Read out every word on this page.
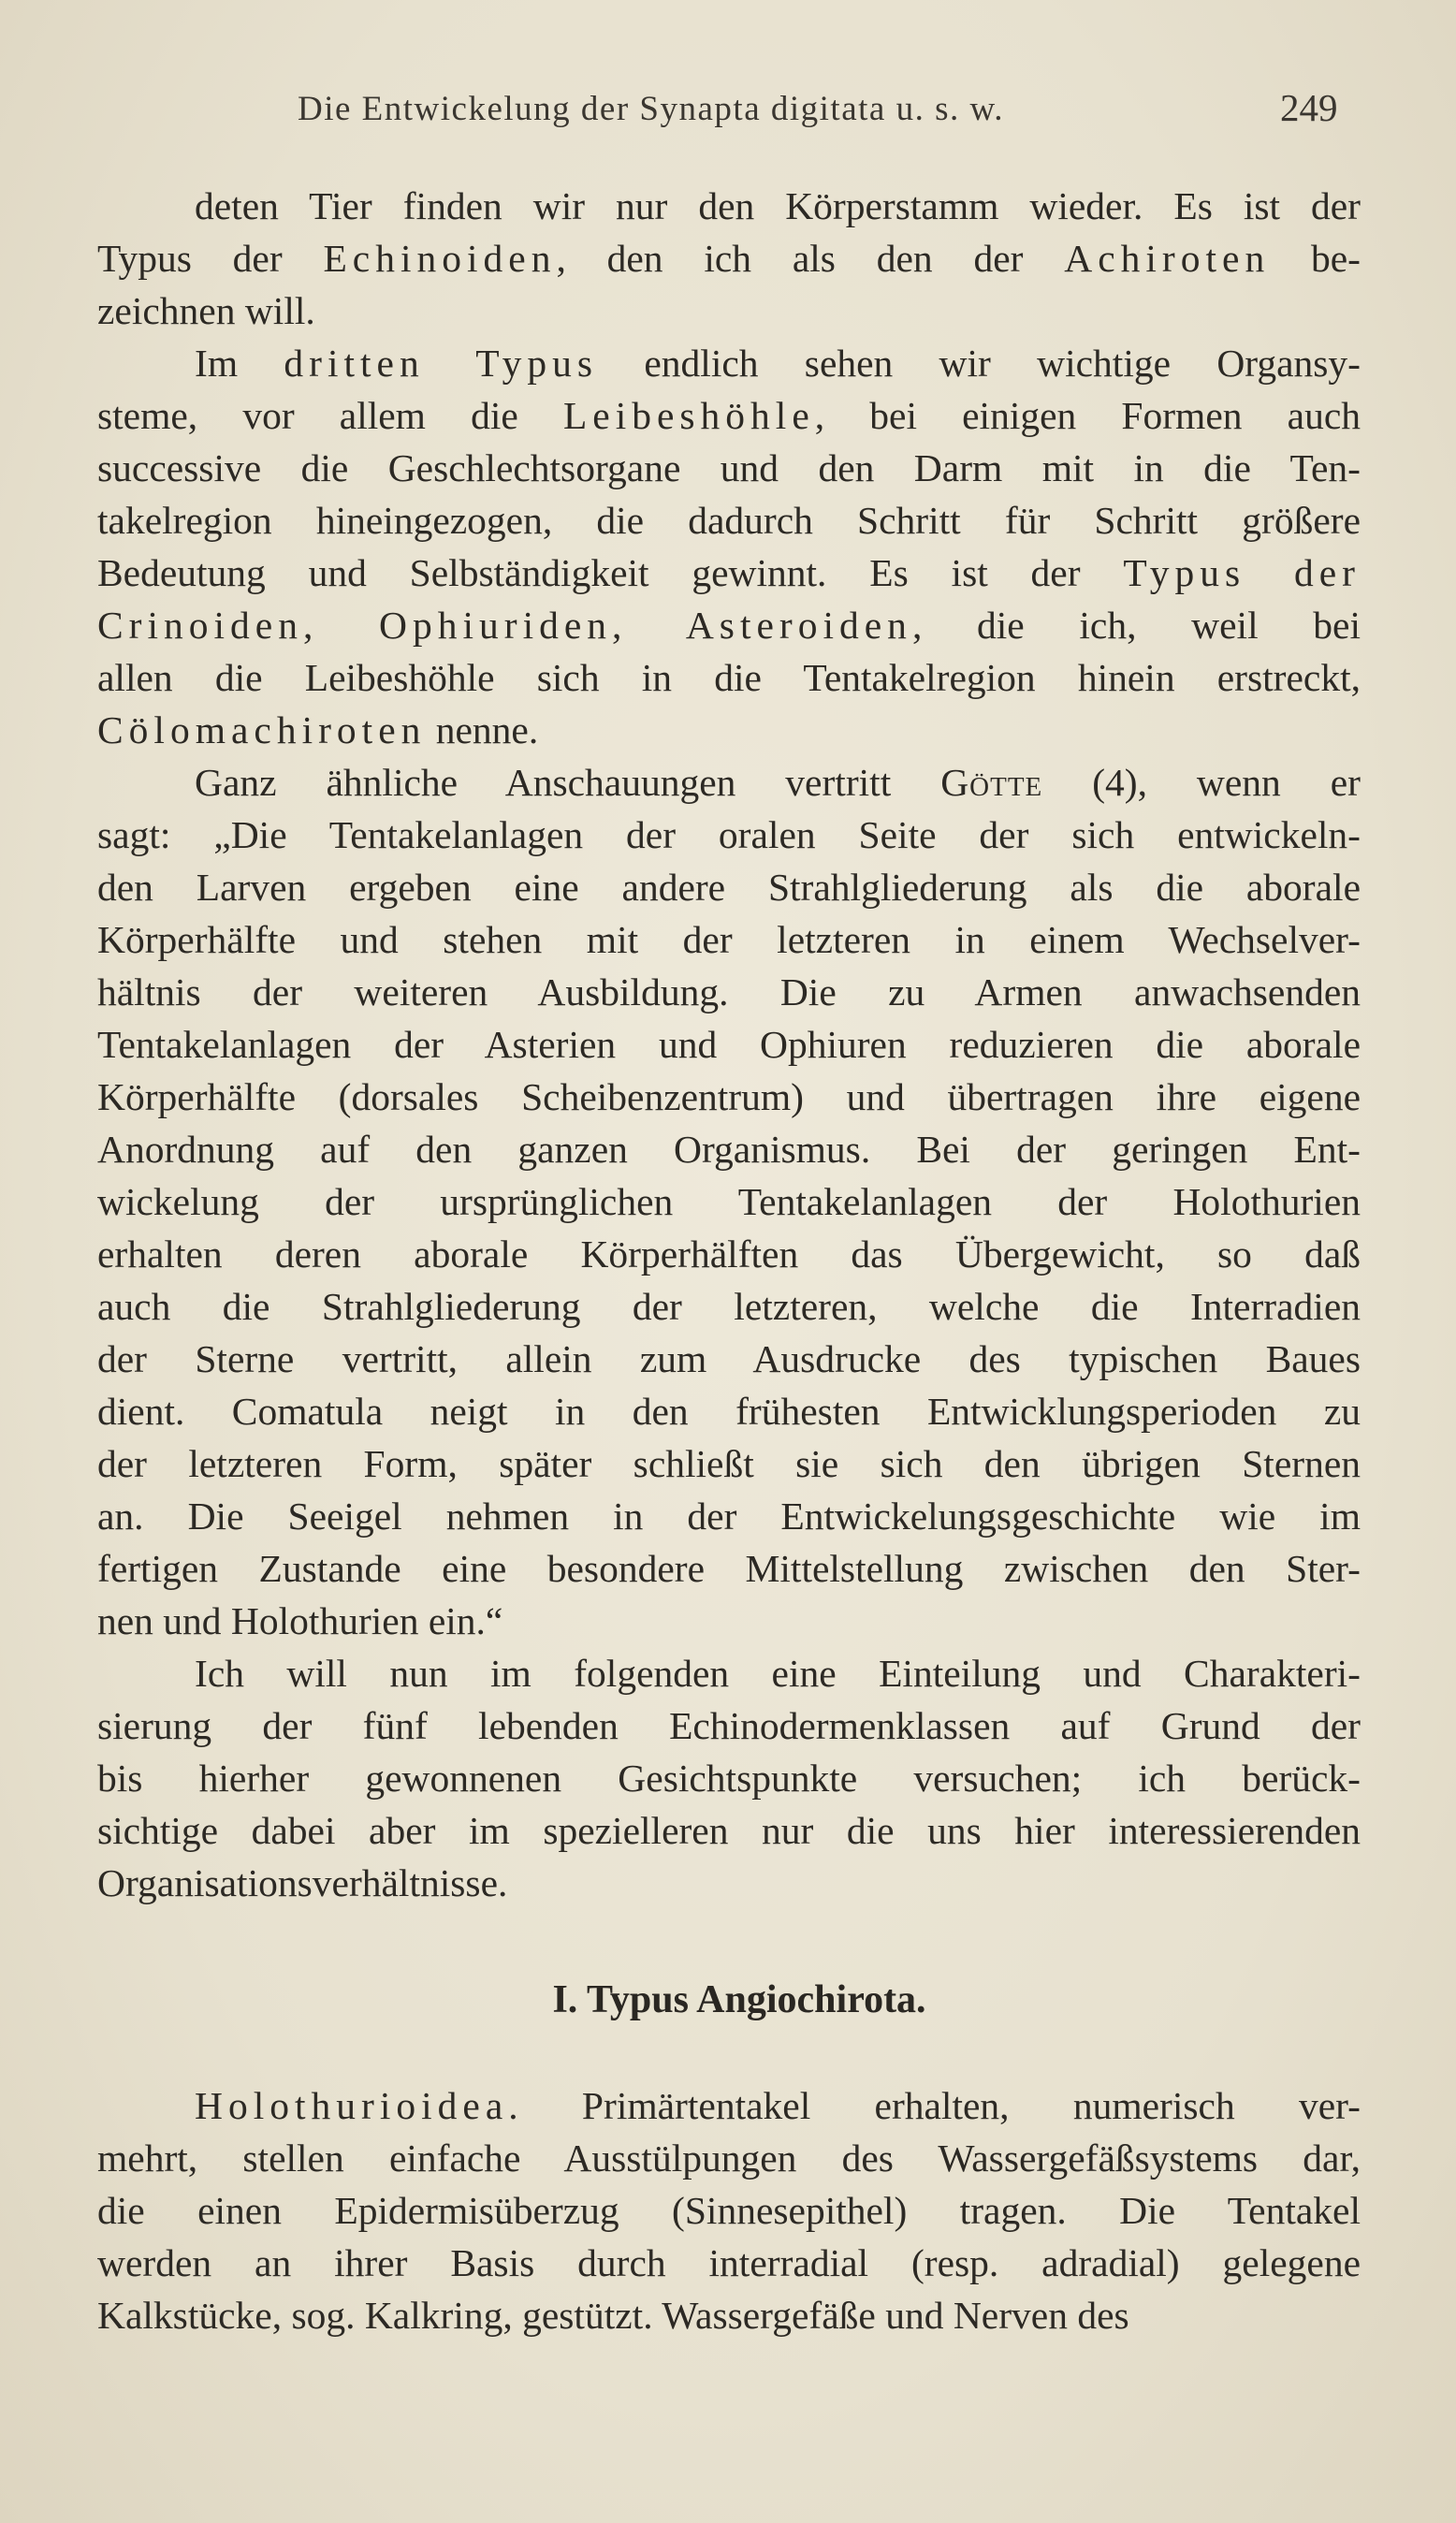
Die Entwickelung der Synapta digitata u. s. w.	249
deten Tier finden wir nur den Körperstamm wieder. Es ist der
Typus der Echinoiden, den ich als den der Achiroten be-
zeichnen will.
Im dritten Typus endlich sehen wir wichtige Organsy-
steme, vor allem die Leibeshöhle, bei einigen Formen auch
successive die Geschlechtsorgane und den Darm mit in die Ten-
takelregion hineingezogen, die dadurch Schritt für Schritt größere
Bedeutung und Selbständigkeit gewinnt. Es ist der Typus der
Crinoiden, Ophiuriden, Asteroiden, die ich, weil bei
allen die Leibeshöhle sich in die Tentakelregion hinein erstreckt,
Cölomachiroten nenne.
Ganz ähnliche Anschauungen vertritt Götte (4), wenn er
sagt: „Die Tentakelanlagen der oralen Seite der sich entwickeln-
den Larven ergeben eine andere Strahlgliederung als die aborale
Körperhälfte und stehen mit der letzteren in einem Wechselver-
hältnis der weiteren Ausbildung. Die zu Armen anwachsenden
Tentakelanlagen der Asterien und Ophiuren reduzieren die aborale
Körperhälfte (dorsales Scheibenzentrum) und übertragen ihre eigene
Anordnung auf den ganzen Organismus. Bei der geringen Ent-
wickelung der ursprünglichen Tentakelanlagen der Holothurien
erhalten deren aborale Körperhälften das Übergewicht, so daß
auch die Strahlgliederung der letzteren, welche die Interradien
der Sterne vertritt, allein zum Ausdrucke des typischen Baues
dient. Comatula neigt in den frühesten Entwicklungsperioden zu
der letzteren Form, später schließt sie sich den übrigen Sternen
an. Die Seeigel nehmen in der Entwickelungsgeschichte wie im
fertigen Zustande eine besondere Mittelstellung zwischen den Ster-
nen und Holothurien ein.“
Ich will nun im folgenden eine Einteilung und Charakteri-
sierung der fünf lebenden Echinodermenklassen auf Grund der
bis hierher gewonnenen Gesichtspunkte versuchen; ich berück-
sichtige dabei aber im spezielleren nur die uns hier interessierenden
Organisationsverhältnisse.
I. Typus Angiochirota.
Holothurioidea. Primärtentakel erhalten, numerisch ver-
mehrt, stellen einfache Ausstülpungen des Wassergefäßsystems dar,
die einen Epidermisüberzug (Sinnesepithel) tragen. Die Tentakel
werden an ihrer Basis durch interradial (resp. adradial) gelegene
Kalkstücke, sog. Kalkring, gestützt. Wassergefäße und Nerven des
